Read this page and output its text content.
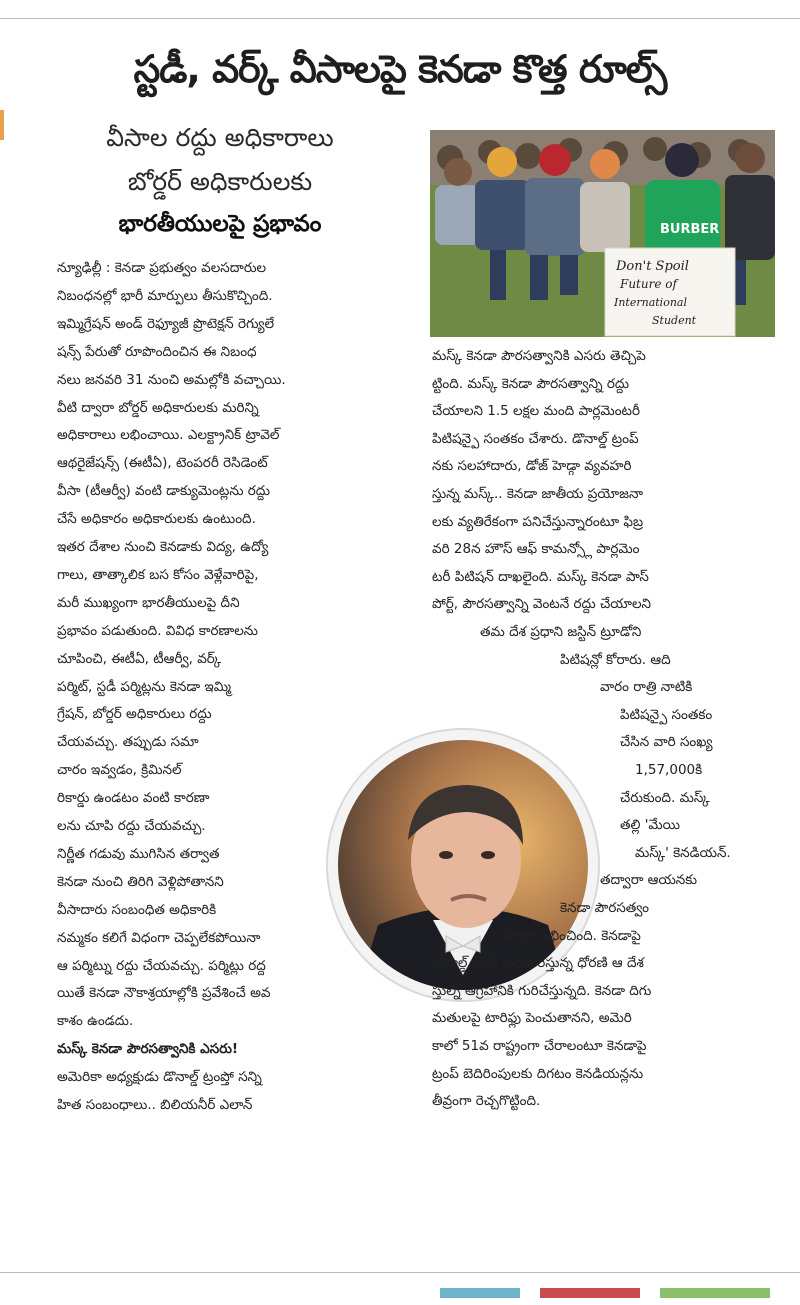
స్టడీ, వర్క్ వీసాలపై కెనడా కొత్త రూల్స్
వీసాల రద్దు అధికారాలు
బోర్డర్ అధికారులకు
భారతీయులపై ప్రభావం	BURBER
Don't Spoil
Future of
International
Student
న్యూఢిల్లీ : కెనడా ప్రభుత్వం వలసదారుల
నిబంధనల్లో భారీ మార్పులు తీసుకొచ్చింది.
ఇమ్మిగ్రేషన్ అండ్ రెఫ్యూజీ ప్రొటెక్షన్ రెగ్యులే
షన్స్ పేరుతో రూపొందించిన ఈ నిబంధ
నలు జనవరి 31 నుంచి అమల్లోకి వచ్చాయి.
వీటి ద్వారా బోర్డర్ అధికారులకు మరిన్ని
అధికారాలు లభించాయి. ఎలక్ట్రానిక్ ట్రావెల్
ఆథరైజేషన్స్ (ఈటీఏ), టెంపరరీ రెసిడెంట్
వీసా (టీఆర్వీ) వంటి డాక్యుమెంట్లను రద్దు
చేసే అధికారం అధికారులకు ఉంటుంది.
ఇతర దేశాల నుంచి కెనడాకు విద్య, ఉద్యో
గాలు, తాత్కాలిక బస కోసం వెళ్లేవారిపై,
మరీ ముఖ్యంగా భారతీయులపై దీని
ప్రభావం పడుతుంది. వివిధ కారణాలను
చూపించి, ఈటీఏ, టీఆర్వీ, వర్క్
పర్మిట్, స్టడీ పర్మిట్లను కెనడా ఇమ్మి
గ్రేషన్, బోర్డర్ అధికారులు రద్దు
చేయవచ్చు. తప్పుడు సమా
చారం ఇవ్వడం, క్రిమినల్
రికార్డు ఉండటం వంటి కారణా
లను చూపి రద్దు చేయవచ్చు.
నిర్ణీత గడువు ముగిసిన తర్వాత
కెనడా నుంచి తిరిగి వెళ్లిపోతానని
వీసాదారు సంబంధిత అధికారికి
నమ్మకం కలిగే విధంగా చెప్పలేకపోయినా
ఆ పర్మిట్ను రద్దు చేయవచ్చు. పర్మిట్లు రద్ద
యితే కెనడా నౌకాశ్రయాల్లోకి ప్రవేశించే అవ
కాశం ఉండదు.
మస్క్ కెనడా పౌరసత్వానికి ఎసరు!
అమెరికా అధ్యక్షుడు డొనాల్డ్ ట్రంప్తో సన్ని
హిత సంబంధాలు.. బిలియనీర్ ఎలాన్
మస్క్ కెనడా పౌరసత్వానికి ఎసరు తెచ్చిపె
ట్టింది. మస్క్ కెనడా పౌరసత్వాన్ని రద్దు
చేయాలని 1.5 లక్షల మంది పార్లమెంటరీ
పిటిషన్పై సంతకం చేశారు. డొనాల్డ్ ట్రంప్
నకు సలహాదారు, డోజ్ హెడ్గా వ్యవహరి
స్తున్న మస్క్.. కెనడా జాతీయ ప్రయోజనా
లకు వ్యతిరేకంగా పనిచేస్తున్నారంటూ ఫిబ్ర
వరి 28న హౌస్ ఆఫ్ కామన్స్లో పార్లమెం
టరీ పిటిషన్ దాఖలైంది. మస్క్ కెనడా పాస్
పోర్ట్, పౌరసత్వాన్ని వెంటనే రద్దు చేయాలని
తమ దేశ ప్రధాని జస్టిన్ ట్రూడోని
పిటిషన్లో కోరారు. ఆది
వారం రాత్రి నాటికి
పిటిషన్పై సంతకం
చేసిన వారి సంఖ్య
1,57,000కి
చేరుకుంది. మస్క్
తల్లి 'మేయి
మస్క్' కెనడియన్.
తద్వారా ఆయనకు
కెనడా పౌరసత్వం
కూడా లభించింది. కెనడాపై
డొనాల్డ్ ట్రంప్ అనుసరిస్తున్న ధోరణి ఆ దేశ
స్తుల్ని ఆగ్రహానికి గురిచేస్తున్నది. కెనడా దిగు
మతులపై టారిఫ్లు పెంచుతానని, అమెరి
కాలో 51వ రాష్ట్రంగా చేరాలంటూ కెనడాపై
ట్రంప్ బెదిరింపులకు దిగటం కెనడియన్లను
తీవ్రంగా రెచ్చగొట్టింది.
